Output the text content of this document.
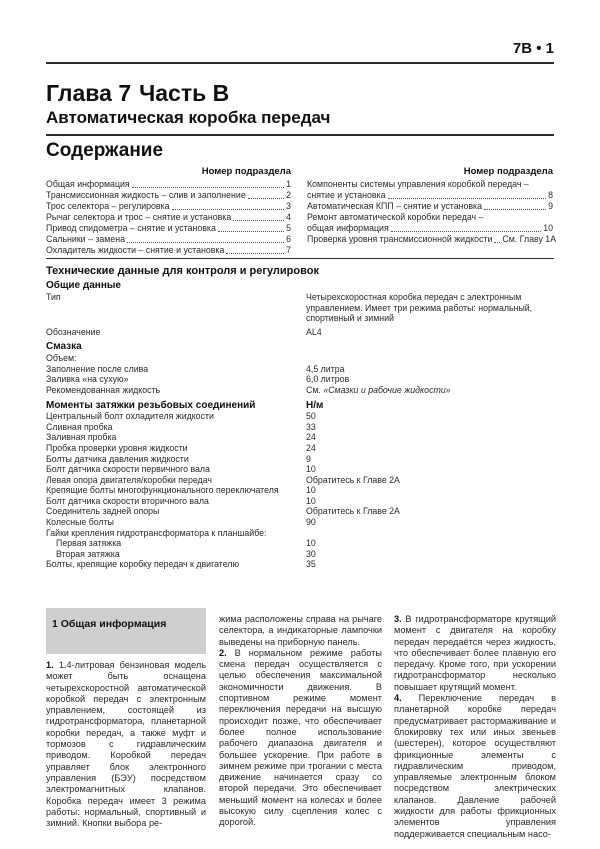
7B • 1
Глава 7 Часть B
Автоматическая коробка передач
Содержание
Номер подраздела
Общая информация	1
Трансмиссионная жидкость – слив и заполнение	2
Трос селектора – регулировка	3
Рычаг селектора и трос – снятие и установка	4
Привод спидометра – снятие и установка	5
Сальники – замена	6
Охладитель жидкости – снятие и установка	7
Номер подраздела
Компоненты системы управления коробкой передач –
снятие и установка	8
Автоматическая КПП – снятие и установка	9
Ремонт автоматической коробки передач –
общая информация	10
Проверка уровня трансмиссионной жидкости См. Главу 1А
Технические данные для контроля и регулировок
Общие данные
Тип	Четырехскоростная коробка передач с электронным
управлением. Имеет три режима работы: нормальный,
спортивный и зимний
Обозначение	AL4
Смазка
Объем:
Заполнение после слива	4,5 литра
Заливка «на сухую»	6,0 литров
Рекомендованная жидкость	См. «Смазки и рабочие жидкости»
Моменты затяжки резьбовых соединений	Н/м
Центральный болт охладителя жидкости	50
Сливная пробка	33
Заливная пробка	24
Пробка проверки уровня жидкости	24
Болты датчика давления жидкости	9
Болт датчика скорости первичного вала	10
Левая опора двигателя/коробки передач	Обратитесь к Главе 2А
Крепящие болты многофункционального переключателя	10
Болт датчика скорости вторичного вала	10
Соединитель задней опоры	Обратитесь к Главе 2А
Колесные болты	90
Гайки крепления гидротрансформатора к планшайбе:
Первая затяжка	10
Вторая затяжка	30
Болты, крепящие коробку передач к двигателю	35
1 Общая информация

1. 1.4-литровая бензиновая модель может быть оснащена четырехскоростной автоматической коробкой передач с электронным управлением, состоящей из гидротрансформатора, планетарной коробки передач, а также муфт и тормозов с гидравлическим приводом. Коробкой передач управляет блок электронного управления (БЭУ) посредством электромагнитных клапанов. Коробка передач имеет 3 режима работы: нормальный, спортивный и зимний. Кнопки выбора ре-

жима расположены справа на рычаге селектора, а индикаторные лампочки выведены на приборную панель.

2. В нормальном режиме работы смена передач осуществляется с целью обеспечения максимальной экономичности движения. В спортивном режиме момент переключения передачи на высшую происходит позже, что обеспечивает более полное использование рабочего диапазона двигателя и большее ускорение. При работе в зимнем режиме при трогании с места движение начинается сразу со второй передачи. Это обеспечивает меньший момент на колесах и более высокую силу сцепления колес с дорогой.

3. В гидротрансформаторе крутящий момент с двигателя на коробку передач передаётся через жидкость, что обеспечивает более плавную его передачу. Кроме того, при ускорении гидротрансформатор несколько повышает крутящий момент.

4. Переключение передач в планетарной коробке передач предусматривает растормаживание и блокировку тех или иных звеньев (шестерен), которое осуществляют фрикционные элементы с гидравлическим приводом, управляемые электронным блоком посредством электрических клапанов. Давление рабочей жидкости для работы фрикционных элементов управления поддерживается специальным насо-
